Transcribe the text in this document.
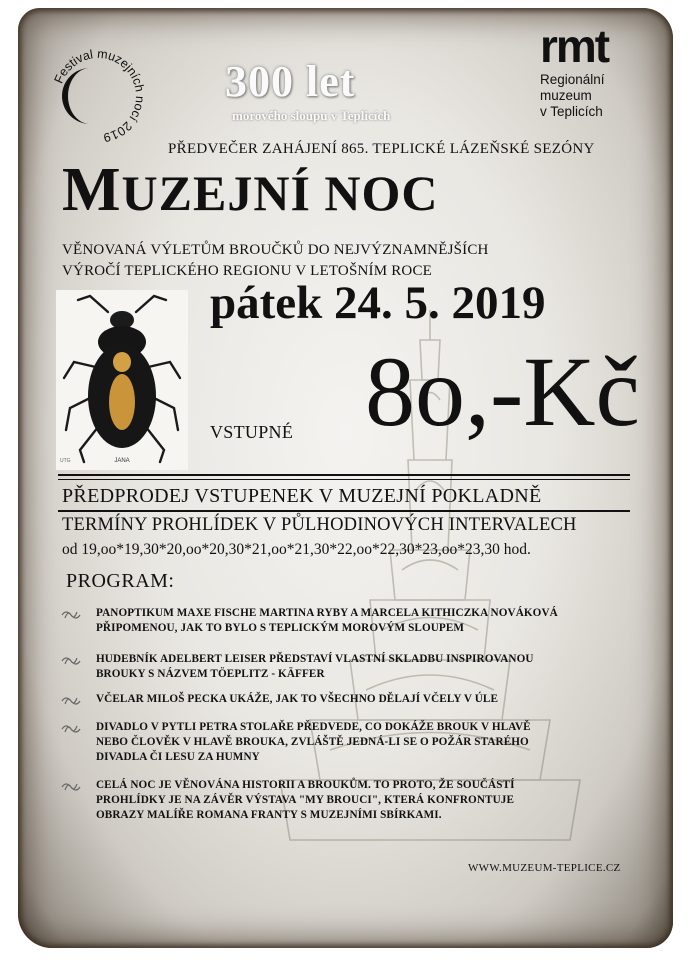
Festival muzejních nocí 2019
300 let
morového sloupu v Teplicích
rmt
Regionální
muzeum
v Teplicích
PŘEDVEČER ZAHÁJENÍ 865. TEPLICKÉ LÁZEŇSKÉ SEZÓNY
MUZEJNÍ NOC
VĚNOVANÁ VÝLETŮM BROUČKŮ DO NEJVÝZNAMNĚJŠÍCH
VÝROČÍ TEPLICKÉHO REGIONU V LETOŠNÍM ROCE
JANA
UTG
pátek 24. 5. 2019
8o,-Kč
VSTUPNÉ
PŘEDPRODEJ VSTUPENEK V MUZEJNÍ POKLADNĚ
TERMÍNY PROHLÍDEK V PŮLHODINOVÝCH INTERVALECH
od 19,oo*19,30*20,oo*20,30*21,oo*21,30*22,oo*22,30*23,oo*23,30 hod.
PROGRAM:
PANOPTIKUM MAXE FISCHE MARTINA RYBY A MARCELA KITHICZKA NOVÁKOVÁ
PŘIPOMENOU, JAK TO BYLO S TEPLICKÝM MOROVÝM SLOUPEM
HUDEBNÍK ADELBERT LEISER PŘEDSTAVÍ VLASTNÍ SKLADBU INSPIROVANOU
BROUKY S NÁZVEM TÖEPLITZ - KÄFFER
VČELAR MILOŠ PECKA UKÁŽE, JAK TO VŠECHNO DĚLAJÍ VČELY V ÚLE
DIVADLO V PYTLI PETRA STOLAŘE PŘEDVEDE, CO DOKÁŽE BROUK V HLAVĚ
NEBO ČLOVĚK V HLAVĚ BROUKA, ZVLÁŠTĚ JEDNÁ-LI SE O POŽÁR STARÉHO
DIVADLA ČI LESU ZA HUMNY
CELÁ NOC JE VĚNOVÁNA HISTORII A BROUKŮM. TO PROTO, ŽE SOUČÁSTÍ
PROHLÍDKY JE NA ZÁVĚR VÝSTAVA "MY BROUCI", KTERÁ KONFRONTUJE
OBRAZY MALÍŘE ROMANA FRANTY S MUZEJNÍMI SBÍRKAMI.
WWW.MUZEUM-TEPLICE.CZ
